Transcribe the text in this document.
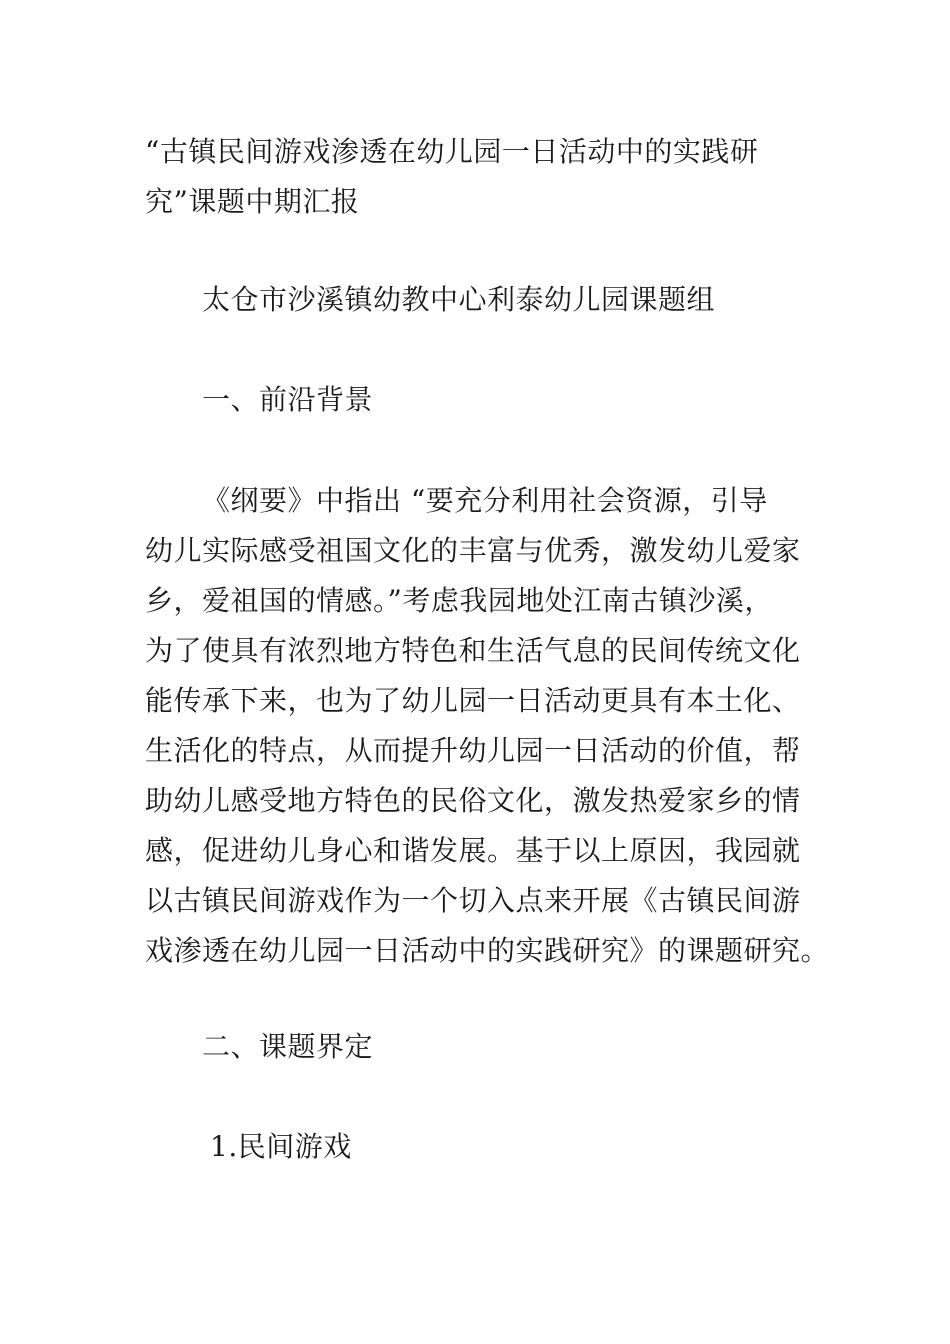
“古镇民间游戏渗透在幼儿园一日活动中的实践研
究”课题中期汇报
太仓市沙溪镇幼教中心利泰幼儿园课题组
一、前沿背景
《纲要》中指出 “要充分利用社会资源，引导
幼儿实际感受祖国文化的丰富与优秀，激发幼儿爱家
乡，爱祖国的情感。”考虑我园地处江南古镇沙溪，
为了使具有浓烈地方特色和生活气息的民间传统文化
能传承下来，也为了幼儿园一日活动更具有本土化、
生活化的特点，从而提升幼儿园一日活动的价值，帮
助幼儿感受地方特色的民俗文化，激发热爱家乡的情
感，促进幼儿身心和谐发展。基于以上原因，我园就
以古镇民间游戏作为一个切入点来开展《古镇民间游
戏渗透在幼儿园一日活动中的实践研究》的课题研究。
二、课题界定
1.民间游戏
